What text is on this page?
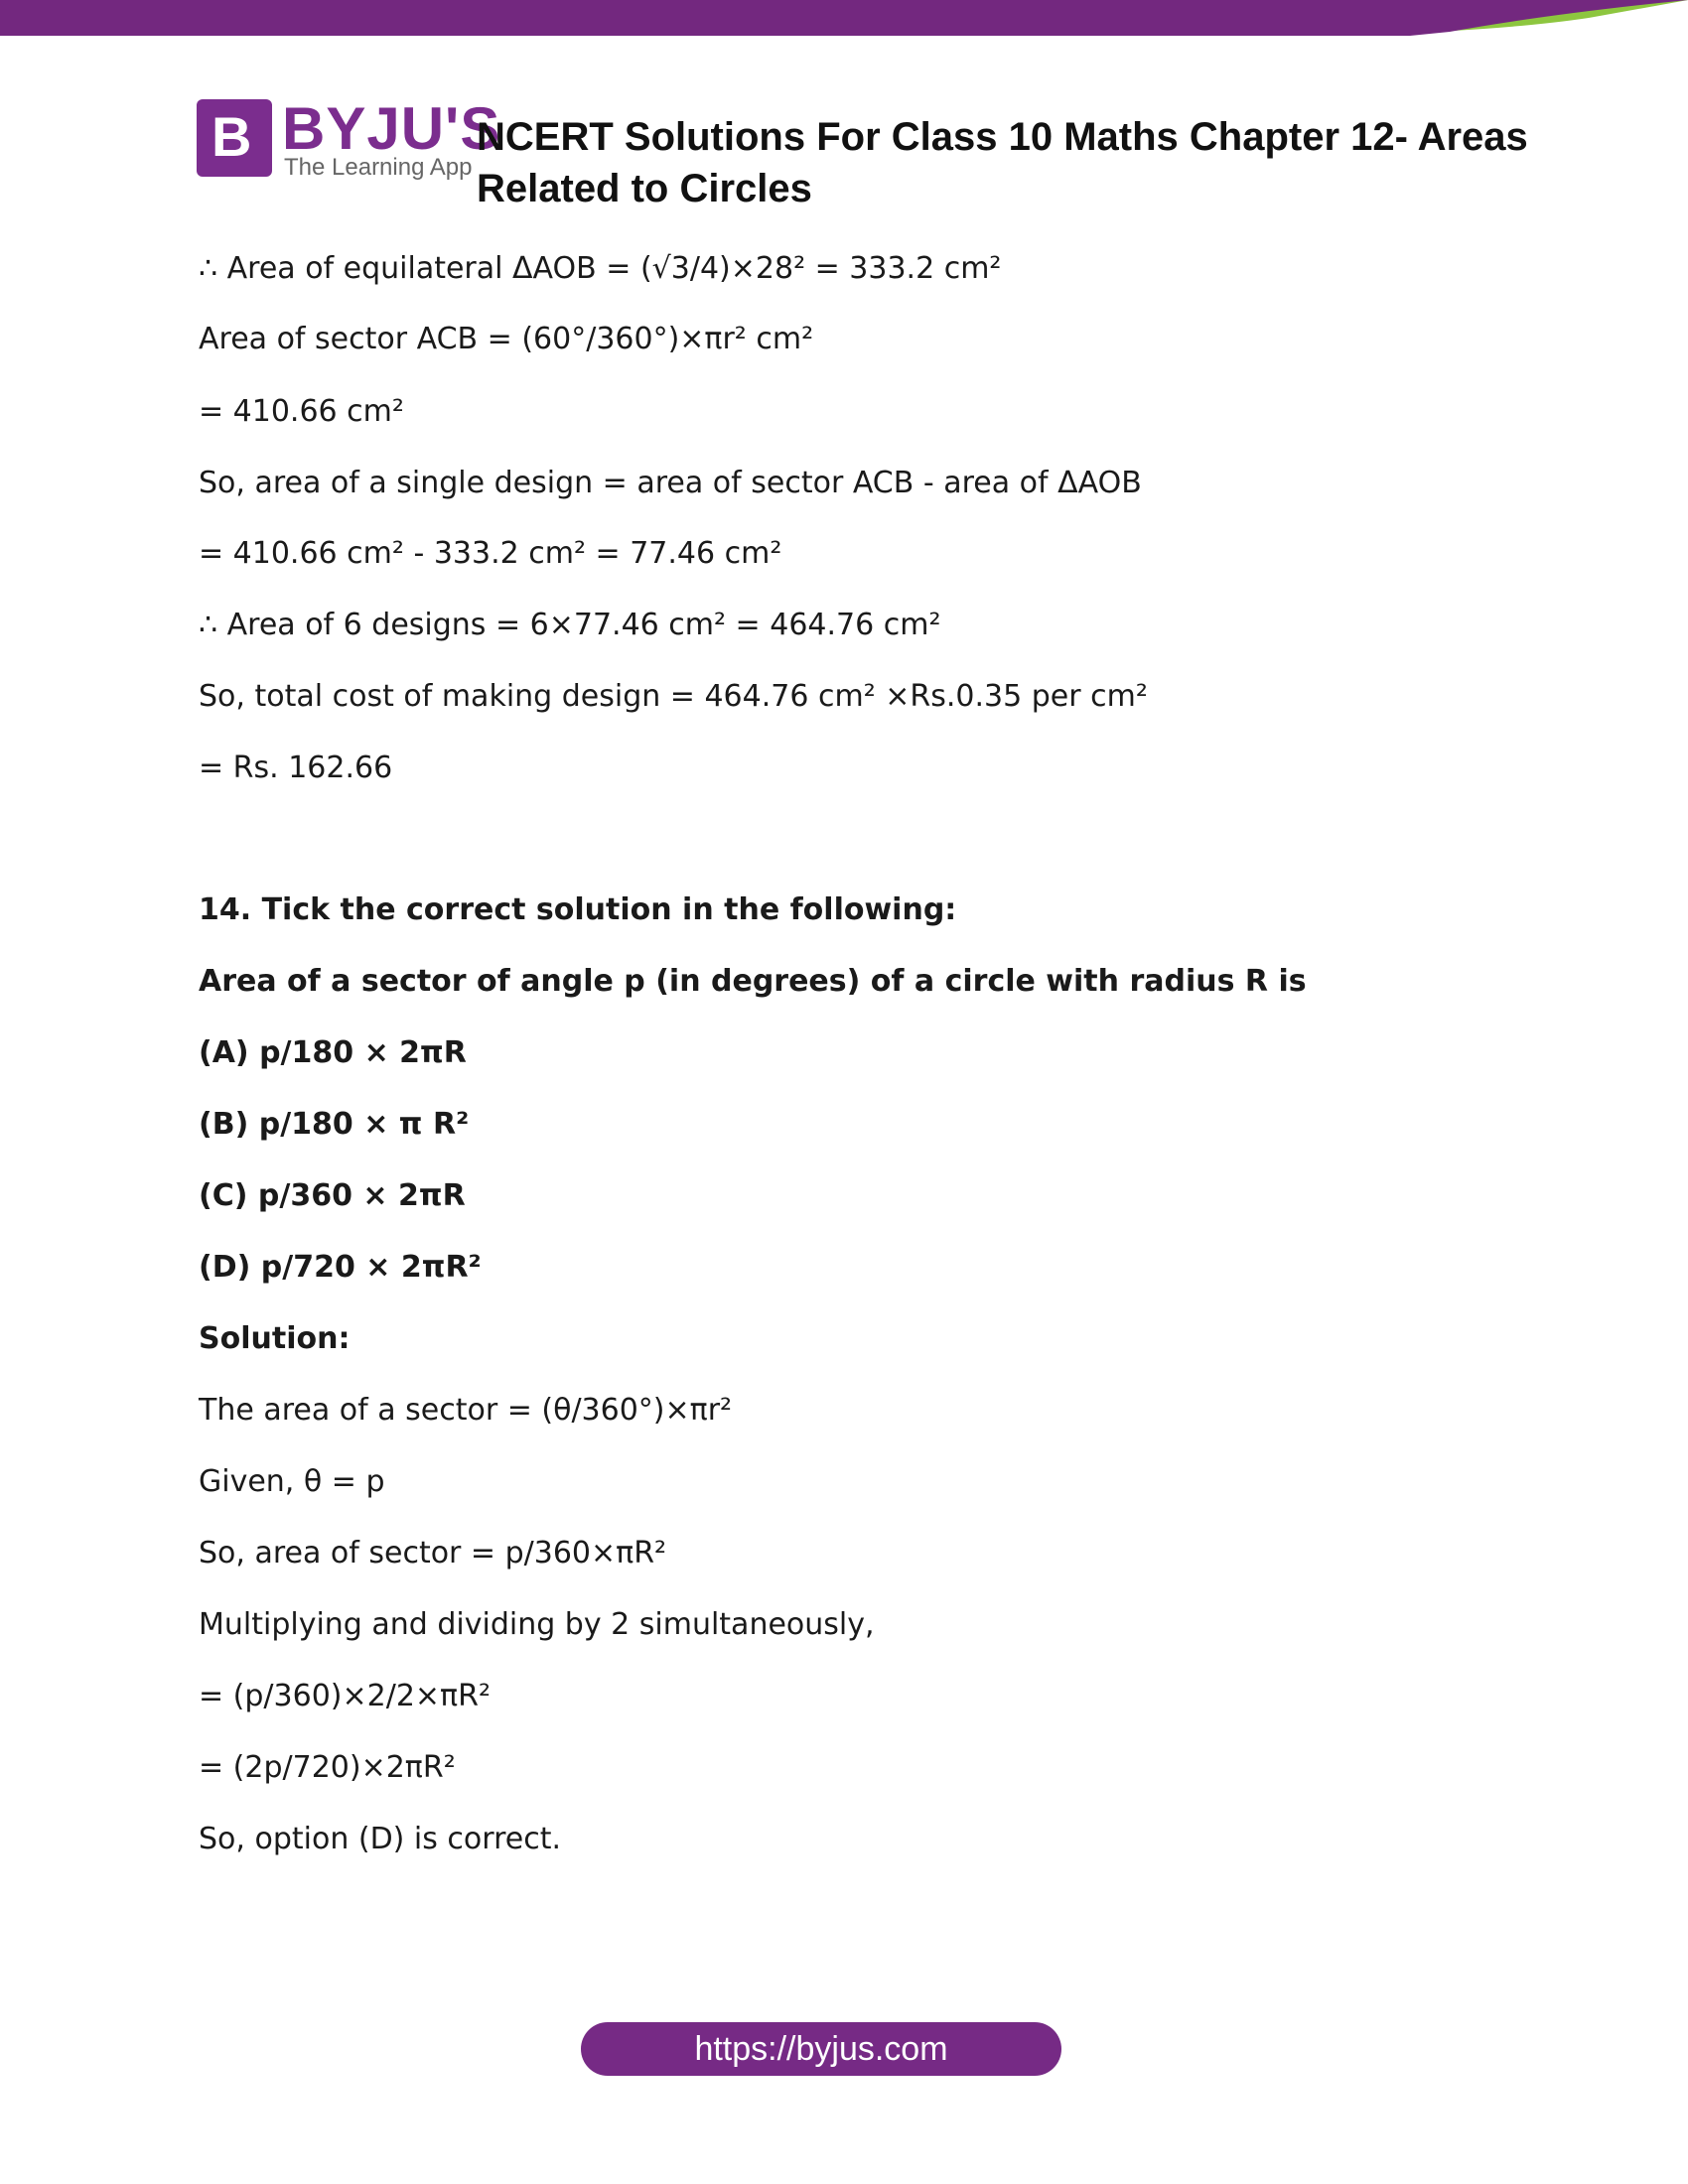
B BYJU'S
The Learning App
NCERT Solutions For Class 10 Maths Chapter 12- Areas
Related to Circles
∴ Area of equilateral ΔAOB = (√3/4)×28² = 333.2 cm²
Area of sector ACB = (60°/360°)×πr² cm²
= 410.66 cm²
So, area of a single design = area of sector ACB - area of ΔAOB
= 410.66 cm² - 333.2 cm² = 77.46 cm²
∴ Area of 6 designs = 6×77.46 cm² = 464.76 cm²
So, total cost of making design = 464.76 cm² ×Rs.0.35 per cm²
= Rs. 162.66
14. Tick the correct solution in the following:
Area of a sector of angle p (in degrees) of a circle with radius R is
(A) p/180 × 2πR
(B) p/180 × π R²
(C) p/360 × 2πR
(D) p/720 × 2πR²
Solution:
The area of a sector = (θ/360°)×πr²
Given, θ = p
So, area of sector = p/360×πR²
Multiplying and dividing by 2 simultaneously,
= (p/360)×2/2×πR²
= (2p/720)×2πR²
So, option (D) is correct.
https://byjus.com
